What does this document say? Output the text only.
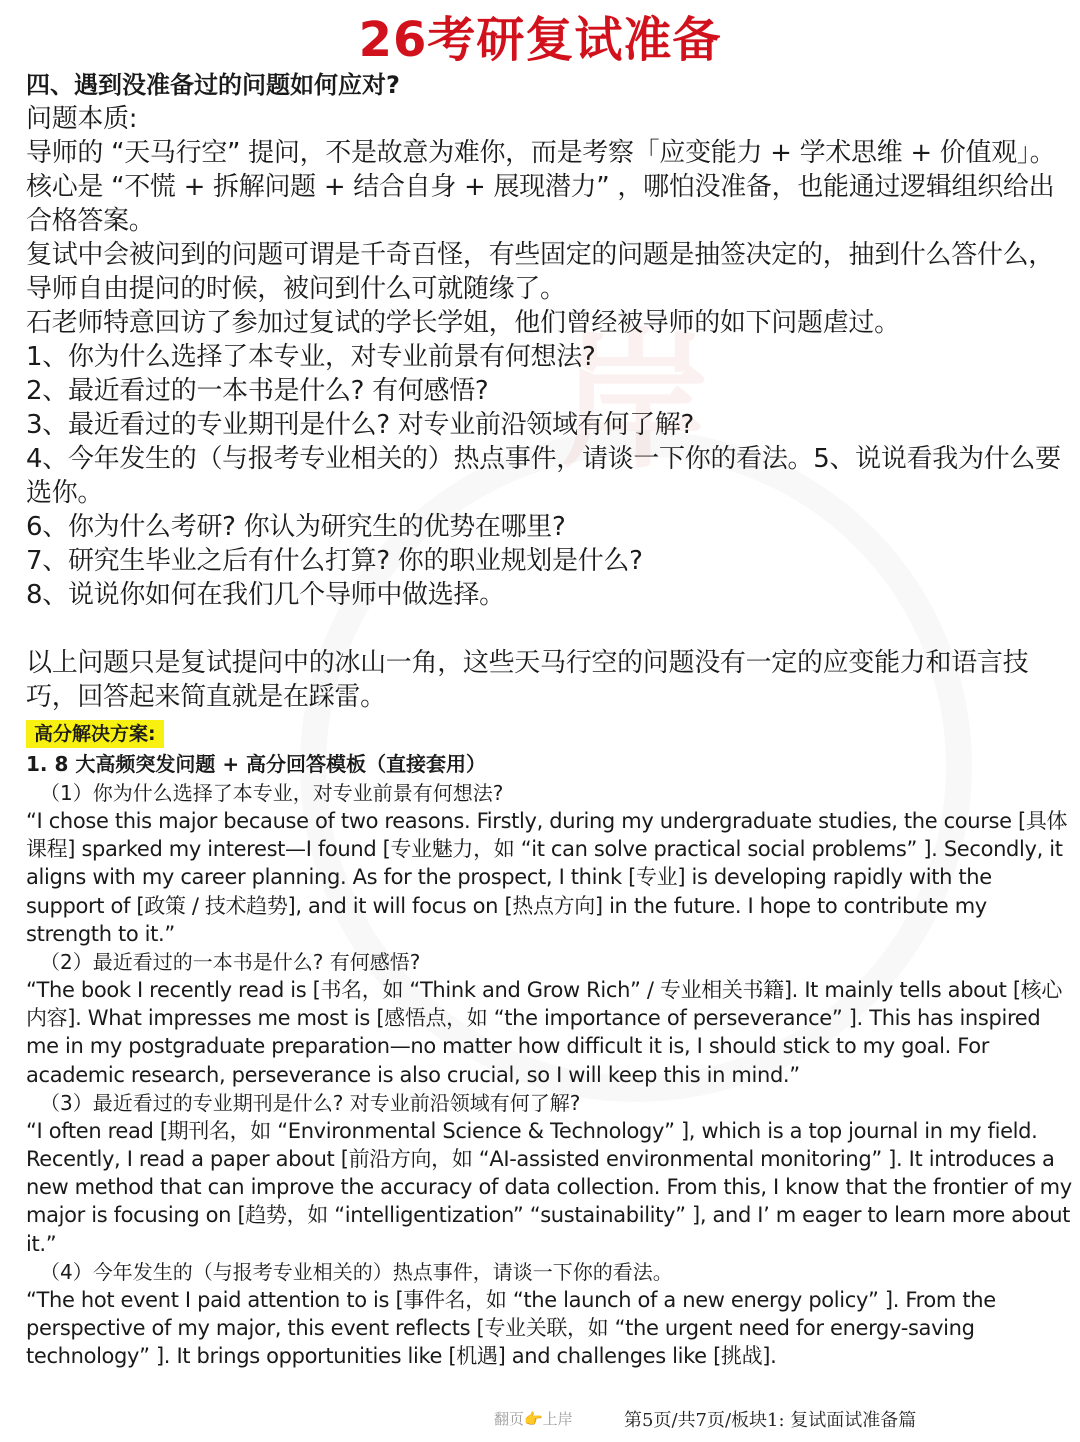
岸
26考研复试准备

四、遇到没准备过的问题如何应对?

问题本质:

导师的 “天马行空” 提问，不是故意为难你，而是考察「应变能力 + 学术思维 + 价值观」。核心是 “不慌 + 拆解问题 + 结合自身 + 展现潜力” ，哪怕没准备，也能通过逻辑组织给出合格答案。

复试中会被问到的问题可谓是千奇百怪，有些固定的问题是抽签决定的，抽到什么答什么，导师自由提问的时候，被问到什么可就随缘了。

石老师特意回访了参加过复试的学长学姐，他们曾经被导师的如下问题虐过。

1、你为什么选择了本专业，对专业前景有何想法?

2、最近看过的一本书是什么? 有何感悟?

3、最近看过的专业期刊是什么? 对专业前沿领域有何了解?

4、今年发生的（与报考专业相关的）热点事件，请谈一下你的看法。5、说说看我为什么要选你。

6、你为什么考研? 你认为研究生的优势在哪里?

7、研究生毕业之后有什么打算? 你的职业规划是什么?

8、说说你如何在我们几个导师中做选择。

以上问题只是复试提问中的冰山一角，这些天马行空的问题没有一定的应变能力和语言技巧，回答起来简直就是在踩雷。

高分解决方案:

1. 8 大高频突发问题 + 高分回答模板（直接套用）

（1）你为什么选择了本专业，对专业前景有何想法?

“I chose this major because of two reasons. Firstly, during my undergraduate studies, the course [具体课程] sparked my interest—I found [专业魅力，如 “it can solve practical social problems” ]. Secondly, it aligns with my career planning. As for the prospect, I think [专业] is developing rapidly with the support of [政策 / 技术趋势], and it will focus on [热点方向] in the future. I hope to contribute my strength to it.”

（2）最近看过的一本书是什么? 有何感悟?

“The book I recently read is [书名，如 “Think and Grow Rich” / 专业相关书籍]. It mainly tells about [核心内容]. What impresses me most is [感悟点，如 “the importance of perseverance” ]. This has inspired me in my postgraduate preparation—no matter how difficult it is, I should stick to my goal. For academic research, perseverance is also crucial, so I will keep this in mind.”

（3）最近看过的专业期刊是什么? 对专业前沿领域有何了解?

“I often read [期刊名，如 “Environmental Science & Technology” ], which is a top journal in my field. Recently, I read a paper about [前沿方向，如 “AI-assisted environmental monitoring” ]. It introduces a new method that can improve the accuracy of data collection. From this, I know that the frontier of my major is focusing on [趋势，如 “intelligentization” “sustainability” ], and I’ m eager to learn more about it.”

（4）今年发生的（与报考专业相关的）热点事件，请谈一下你的看法。

“The hot event I paid attention to is [事件名，如 “the launch of a new energy policy” ]. From the perspective of my major, this event reflects [专业关联，如 “the urgent need for energy-saving technology” ]. It brings opportunities like [机遇] and challenges like [挑战].

翻页👉上岸	第5页/共7页/板块1: 复试面试准备篇
